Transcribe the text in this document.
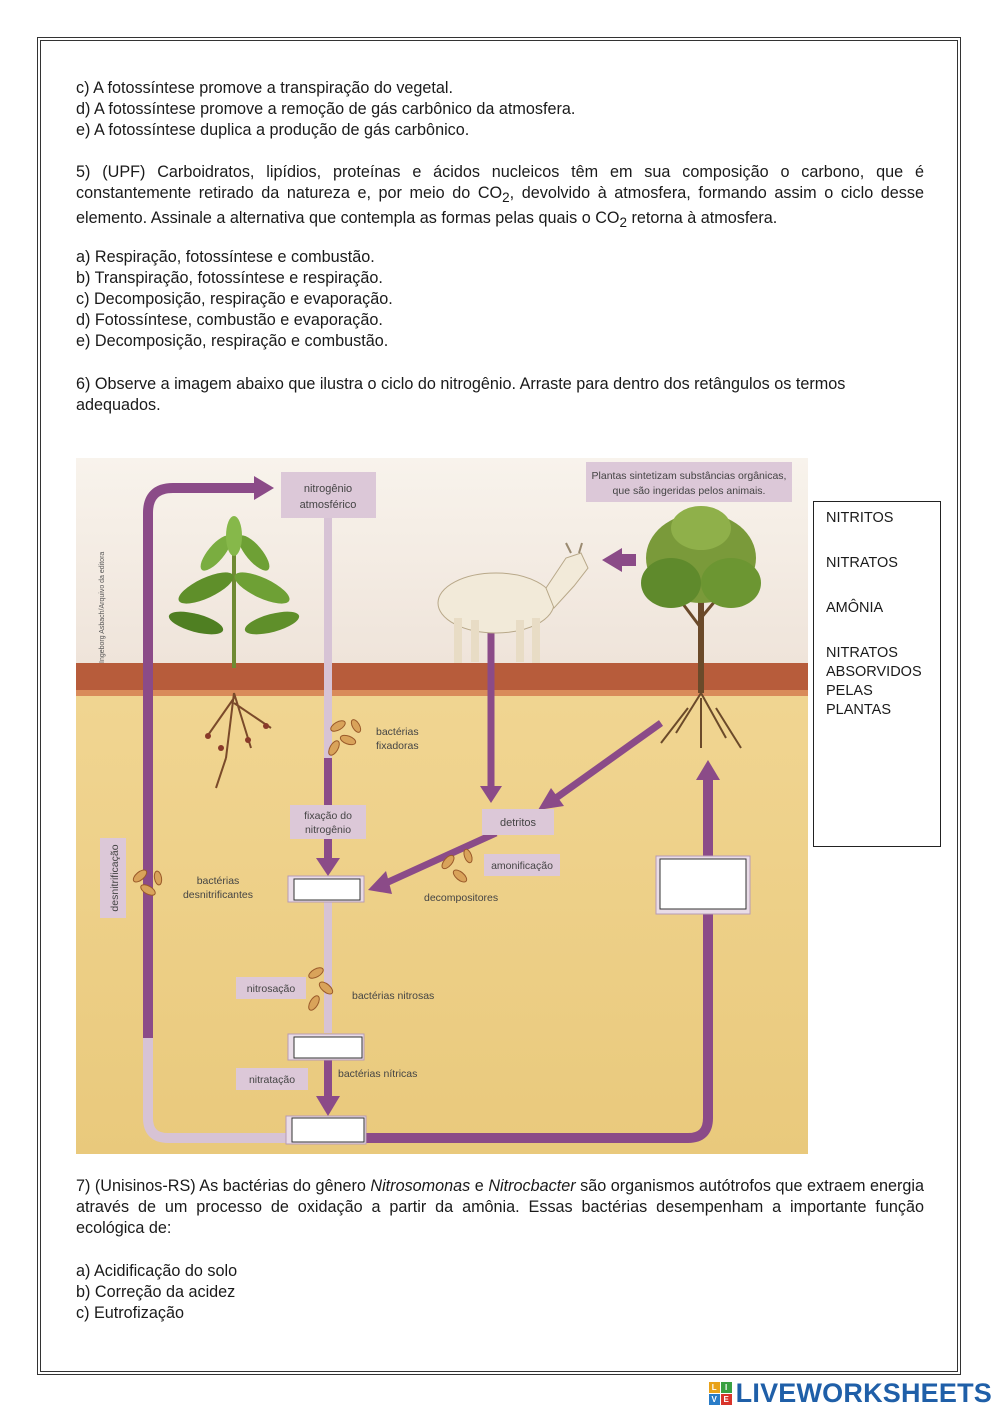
c) A fotossíntese promove a transpiração do vegetal.

d) A fotossíntese promove a remoção de gás carbônico da atmosfera.

e) A fotossíntese duplica a produção de gás carbônico.

5) (UPF) Carboidratos, lipídios, proteínas e ácidos nucleicos têm em sua composição o carbono, que é constantemente retirado da natureza e, por meio do $CO_2$, devolvido à atmosfera, formando assim o ciclo desse elemento. Assinale a alternativa que contempla as formas pelas quais o $CO_2$ retorna à atmosfera.

a) Respiração, fotossíntese e combustão.

b) Transpiração, fotossíntese e respiração.

c) Decomposição, respiração e evaporação.

d) Fotossíntese, combustão e evaporação.

e) Decomposição, respiração e combustão.

6) Observe a imagem abaixo que ilustra o ciclo do nitrogênio. Arraste para dentro dos retângulos os termos adequados.

Ingeborg Asbach/Arquivo da editora
nitrogênio
atmosférico
Plantas sintetizam substâncias orgânicas,
que são ingeridas pelos animais.
bactérias
fixadoras
fixação do
nitrogênio
detritos
amonificação
decompositores
desnitrificação	bactérias
desnitrificantes
nitrosação
bactérias nitrosas
nitratação	bactérias nítricas
NITRITOS
NITRATOS
AMÔNIA
NITRATOS ABSORVIDOS PELAS PLANTAS
7) (Unisinos-RS) As bactérias do gênero Nitrosomonas e Nitrocbacter são organismos autótrofos que extraem energia através de um processo de oxidação a partir da amônia. Essas bactérias desempenham a importante função ecológica de:

a) Acidificação do solo

b) Correção da acidez

c) Eutrofização

L	I
V E LIVEWORKSHEETS
